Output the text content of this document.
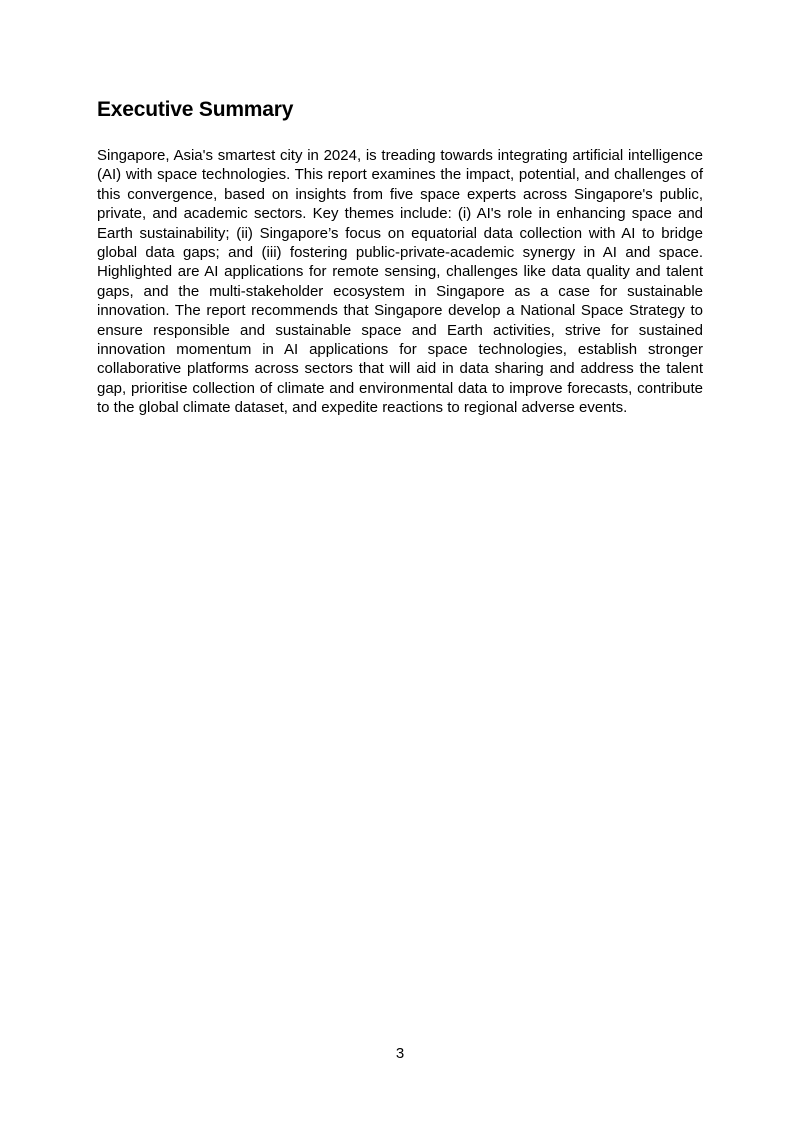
Executive Summary

Singapore, Asia's smartest city in 2024, is treading towards integrating artificial intelligence (AI) with space technologies. This report examines the impact, potential, and challenges of this convergence, based on insights from five space experts across Singapore's public, private, and academic sectors. Key themes include: (i) AI's role in enhancing space and Earth sustainability; (ii) Singapore’s focus on equatorial data collection with AI to bridge global data gaps; and (iii) fostering public-private-academic synergy in AI and space. Highlighted are AI applications for remote sensing, challenges like data quality and talent gaps, and the multi-stakeholder ecosystem in Singapore as a case for sustainable innovation. The report recommends that Singapore develop a National Space Strategy to ensure responsible and sustainable space and Earth activities, strive for sustained innovation momentum in AI applications for space technologies, establish stronger collaborative platforms across sectors that will aid in data sharing and address the talent gap, prioritise collection of climate and environmental data to improve forecasts, contribute to the global climate dataset, and expedite reactions to regional adverse events.

3
